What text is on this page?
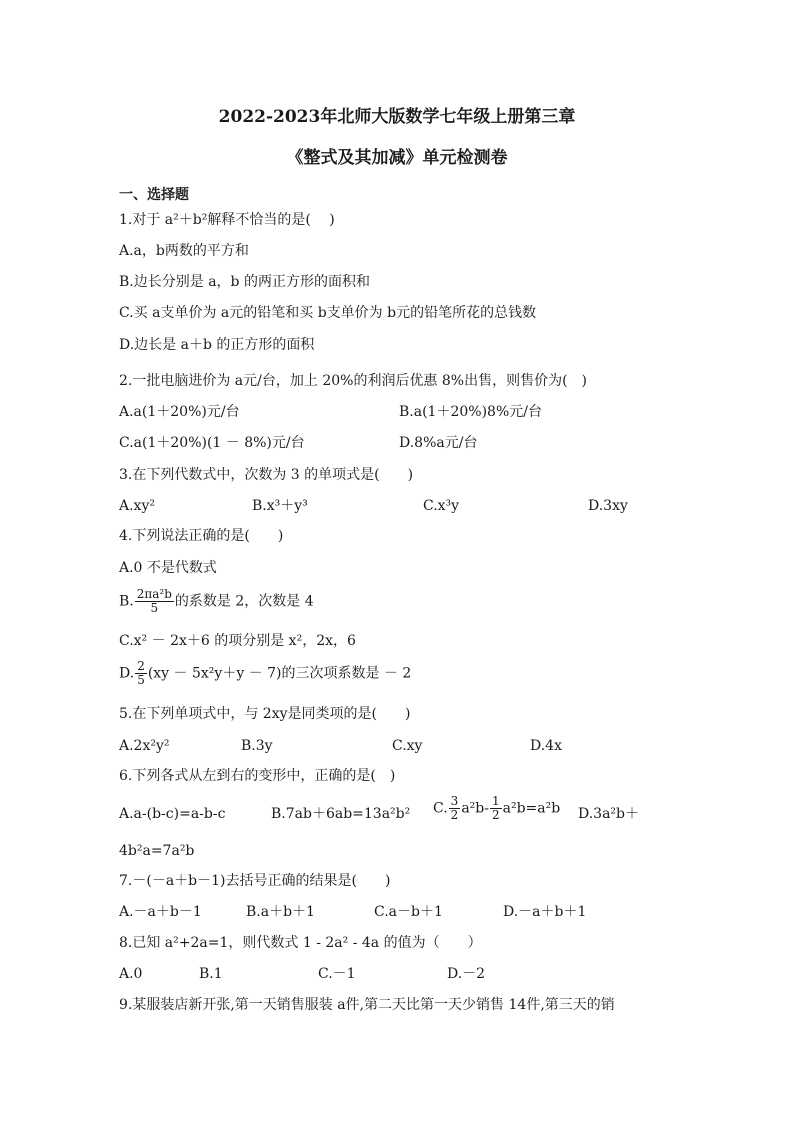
2022-2023年北师大版数学七年级上册第三章
《整式及其加减》单元检测卷
一、选择题
1.对于 a²＋b²解释不恰当的是(　 )
A.a，b两数的平方和
B.边长分别是 a，b 的两正方形的面积和
C.买 a支单价为 a元的铅笔和买 b支单价为 b元的铅笔所花的总钱数
D.边长是 a＋b 的正方形的面积
2.一批电脑进价为 a元/台，加上 20%的利润后优惠 8%出售，则售价为(　)
A.a(1＋20%)元/台	B.a(1＋20%)8%元/台
C.a(1＋20%)(1 － 8%)元/台	D.8%a元/台
3.在下列代数式中，次数为 3 的单项式是(　　)
A.xy²	B.x³＋y³	C.x³y	D.3xy
4.下列说法正确的是(　　)
A.0 不是代数式
B. $\frac{\text{2πa²b}}{5}$ 的系数是 2，次数是 4
C.x² － 2x＋6 的项分别是 x²，2x，6
D. $\frac{2}{5} (xy - 5x^2y+y - 7)$的三次项系数是 － 2
5.在下列单项式中，与 2xy是同类项的是(　　)
A.2x²y²	B.3y	C.xy	D.4x
6.下列各式从左到右的变形中，正确的是(　)
A.a-(b-c)=a-b-c	B.7ab＋6ab=13a²b² C. $\frac{3}{2} a^2b- \frac{1}{2} a^2b=a^2b$ D.3a²b＋
4b²a=7a²b
7.－(－a＋b－1)去括号正确的结果是(　　)
A.－a＋b－1	B.a＋b＋1	C.a－b＋1	D.－a＋b＋1
8.已知 a²+2a=1，则代数式 1 - 2a² - 4a 的值为（　　）
A.0	B.1	C.－1	D.－2
9.某服装店新开张,第一天销售服装 a件,第二天比第一天少销售 14件,第三天的销
